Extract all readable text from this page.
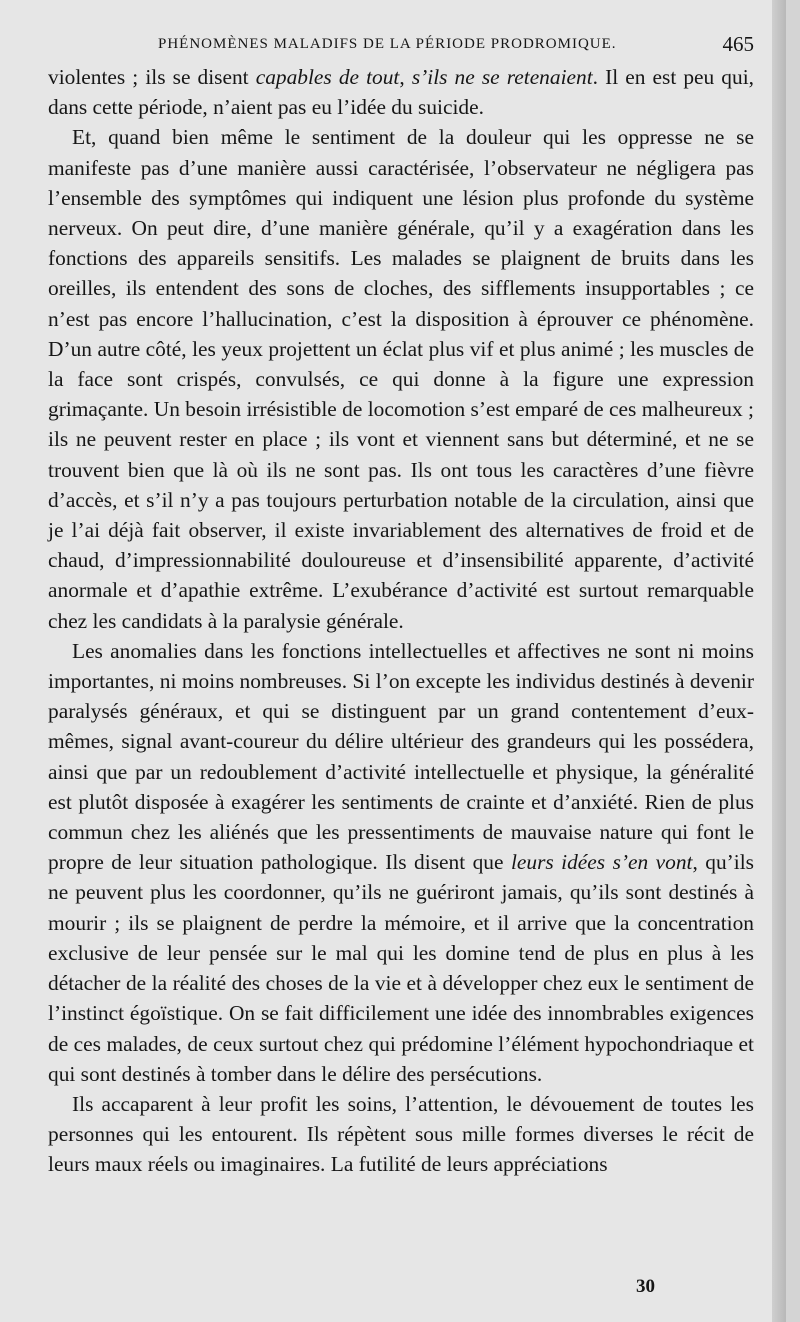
PHÉNOMÈNES MALADIFS DE LA PÉRIODE PRODROMIQUE.	465

violentes ; ils se disent capables de tout, s’ils ne se retenaient. Il en est peu qui, dans cette période, n’aient pas eu l’idée du suicide.

Et, quand bien même le sentiment de la douleur qui les oppresse ne se manifeste pas d’une manière aussi caractérisée, l’observateur ne négligera pas l’ensemble des symptômes qui indiquent une lésion plus profonde du système nerveux. On peut dire, d’une manière générale, qu’il y a exagération dans les fonctions des appareils sensitifs. Les malades se plaignent de bruits dans les oreilles, ils entendent des sons de cloches, des sifflements insupportables ; ce n’est pas encore l’hallucination, c’est la disposition à éprouver ce phénomène. D’un autre côté, les yeux projettent un éclat plus vif et plus animé ; les muscles de la face sont crispés, convulsés, ce qui donne à la figure une expression grimaçante. Un besoin irrésistible de locomotion s’est emparé de ces malheureux ; ils ne peuvent rester en place ; ils vont et viennent sans but déterminé, et ne se trouvent bien que là où ils ne sont pas. Ils ont tous les caractères d’une fièvre d’accès, et s’il n’y a pas toujours perturbation notable de la circulation, ainsi que je l’ai déjà fait observer, il existe invariablement des alternatives de froid et de chaud, d’impressionnabilité douloureuse et d’insensibilité apparente, d’activité anormale et d’apathie extrême. L’exubérance d’activité est surtout remarquable chez les candidats à la paralysie générale.

Les anomalies dans les fonctions intellectuelles et affectives ne sont ni moins importantes, ni moins nombreuses. Si l’on excepte les individus destinés à devenir paralysés généraux, et qui se distinguent par un grand contentement d’eux-mêmes, signal avant-coureur du délire ultérieur des grandeurs qui les possédera, ainsi que par un redoublement d’activité intellectuelle et physique, la généralité est plutôt disposée à exagérer les sentiments de crainte et d’anxiété. Rien de plus commun chez les aliénés que les pressentiments de mauvaise nature qui font le propre de leur situation pathologique. Ils disent que leurs idées s’en vont, qu’ils ne peuvent plus les coordonner, qu’ils ne guériront jamais, qu’ils sont destinés à mourir ; ils se plaignent de perdre la mémoire, et il arrive que la concentration exclusive de leur pensée sur le mal qui les domine tend de plus en plus à les détacher de la réalité des choses de la vie et à développer chez eux le sentiment de l’instinct égoïstique. On se fait difficilement une idée des innombrables exigences de ces malades, de ceux surtout chez qui prédomine l’élément hypochondriaque et qui sont destinés à tomber dans le délire des persécutions.

Ils accaparent à leur profit les soins, l’attention, le dévouement de toutes les personnes qui les entourent. Ils répètent sous mille formes diverses le récit de leurs maux réels ou imaginaires. La futilité de leurs appréciations

30
